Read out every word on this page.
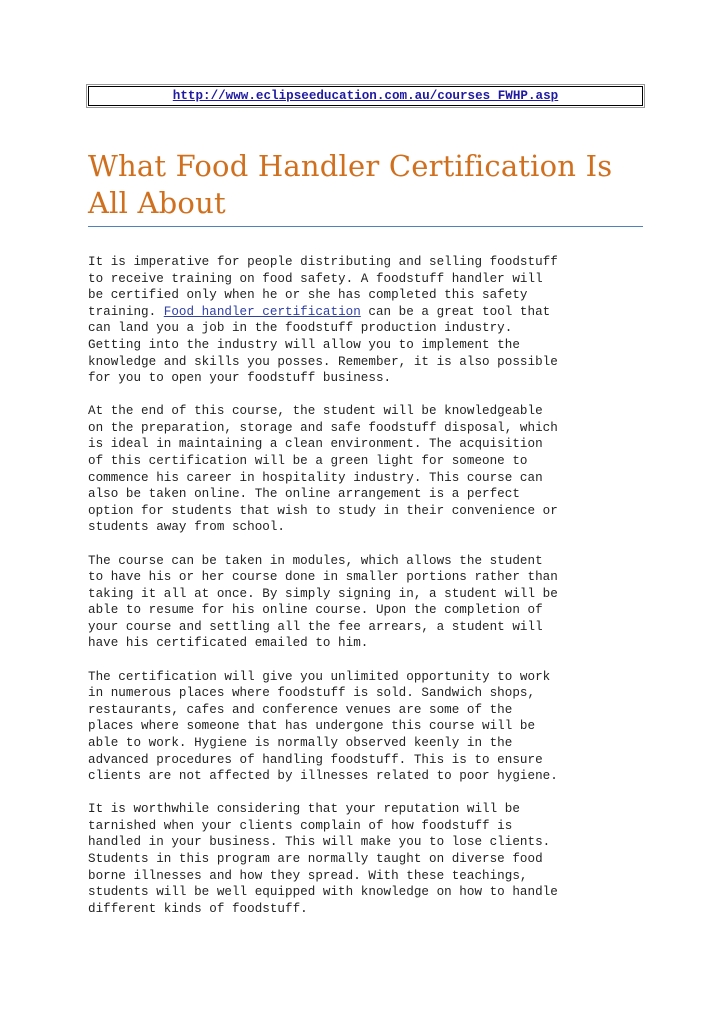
http://www.eclipseeducation.com.au/courses_FWHP.asp
What Food Handler Certification Is All About

It is imperative for people distributing and selling foodstuff
to receive training on food safety. A foodstuff handler will
be certified only when he or she has completed this safety
training. Food handler certification can be a great tool that
can land you a job in the foodstuff production industry.
Getting into the industry will allow you to implement the
knowledge and skills you posses. Remember, it is also possible
for you to open your foodstuff business.

At the end of this course, the student will be knowledgeable
on the preparation, storage and safe foodstuff disposal, which
is ideal in maintaining a clean environment. The acquisition
of this certification will be a green light for someone to
commence his career in hospitality industry. This course can
also be taken online. The online arrangement is a perfect
option for students that wish to study in their convenience or
students away from school.

The course can be taken in modules, which allows the student
to have his or her course done in smaller portions rather than
taking it all at once. By simply signing in, a student will be
able to resume for his online course. Upon the completion of
your course and settling all the fee arrears, a student will
have his certificated emailed to him.

The certification will give you unlimited opportunity to work
in numerous places where foodstuff is sold. Sandwich shops,
restaurants, cafes and conference venues are some of the
places where someone that has undergone this course will be
able to work. Hygiene is normally observed keenly in the
advanced procedures of handling foodstuff. This is to ensure
clients are not affected by illnesses related to poor hygiene.

It is worthwhile considering that your reputation will be
tarnished when your clients complain of how foodstuff is
handled in your business. This will make you to lose clients.
Students in this program are normally taught on diverse food
borne illnesses and how they spread. With these teachings,
students will be well equipped with knowledge on how to handle
different kinds of foodstuff.
